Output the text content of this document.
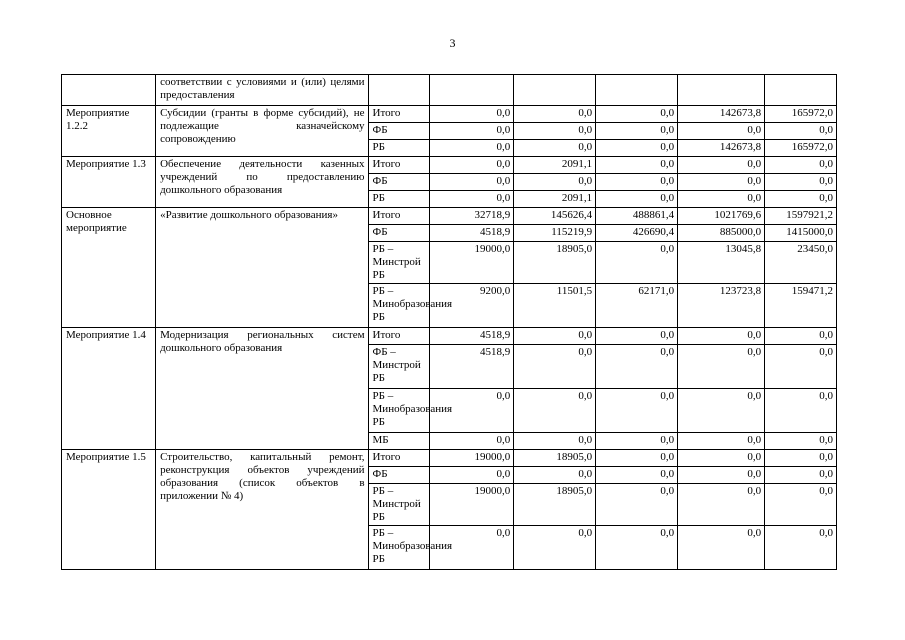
3
	соответствии с условиями и (или) целями предоставления						
Мероприятие 1.2.2	Субсидии (гранты в форме субсидий), не подлежащие казначейскому сопровождению	Итого	0,0	0,0	0,0	142673,8	165972,0
		ФБ	0,0	0,0	0,0	0,0	0,0
		РБ	0,0	0,0	0,0	142673,8	165972,0
Мероприятие 1.3	Обеспечение деятельности казенных учреждений по предоставлению дошкольного образования	Итого	0,0	2091,1	0,0	0,0	0,0
		ФБ	0,0	0,0	0,0	0,0	0,0
		РБ	0,0	2091,1	0,0	0,0	0,0
Основное мероприятие	«Развитие дошкольного образования»	Итого	32718,9	145626,4	488861,4	1021769,6	1597921,2
		ФБ	4518,9	115219,9	426690,4	885000,0	1415000,0
		РБ – Минстрой РБ	19000,0	18905,0	0,0	13045,8	23450,0
		РБ – Минобразования РБ	9200,0	11501,5	62171,0	123723,8	159471,2
Мероприятие 1.4	Модернизация региональных систем дошкольного образования	Итого	4518,9	0,0	0,0	0,0	0,0
		ФБ – Минстрой РБ	4518,9	0,0	0,0	0,0	0,0
		РБ – Минобразования РБ	0,0	0,0	0,0	0,0	0,0
		МБ	0,0	0,0	0,0	0,0	0,0
Мероприятие 1.5	Строительство, капитальный ремонт, реконструкция объектов учреждений образования (список объектов в приложении № 4)	Итого	19000,0	18905,0	0,0	0,0	0,0
		ФБ	0,0	0,0	0,0	0,0	0,0
		РБ – Минстрой РБ	19000,0	18905,0	0,0	0,0	0,0
		РБ – Минобразования РБ	0,0	0,0	0,0	0,0	0,0
